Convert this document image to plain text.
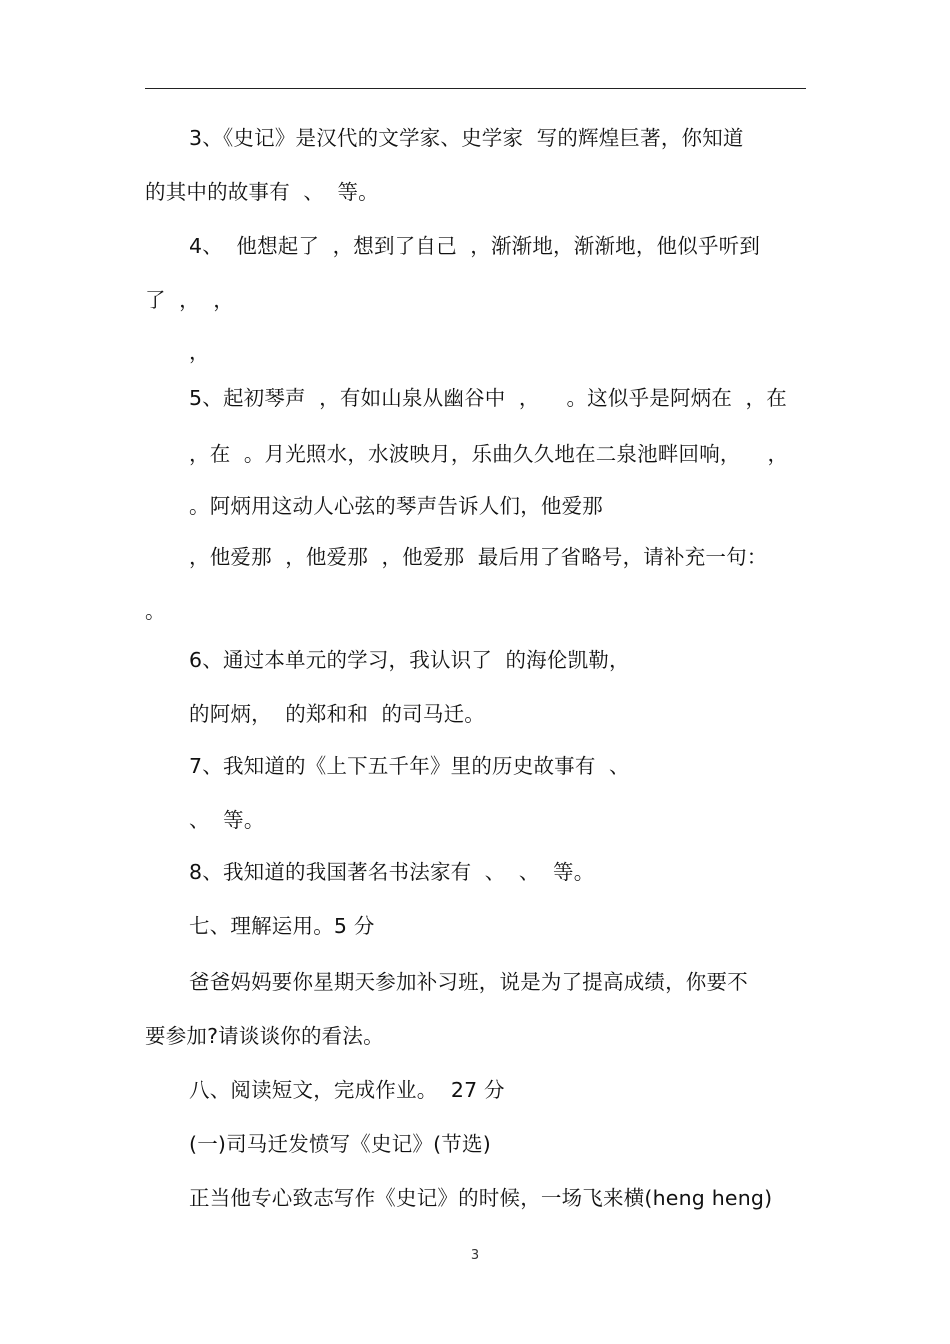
3、《史记》是汉代的文学家、史学家  写的辉煌巨著，你知道
的其中的故事有  、  等。
4、  他想起了  ，想到了自己  ，渐渐地，渐渐地，他似乎听到
了  ，  ，
，
5、起初琴声  ，有如山泉从幽谷中  ，    。这似乎是阿炳在  ，在
，在  。月光照水，水波映月，乐曲久久地在二泉池畔回响，    ，
。阿炳用这动人心弦的琴声告诉人们，他爱那
，他爱那  ，他爱那  ，他爱那  最后用了省略号，请补充一句：
。
6、通过本单元的学习，我认识了  的海伦凯勒，
的阿炳，  的郑和和  的司马迁。
7、我知道的《上下五千年》里的历史故事有  、
、  等。
8、我知道的我国著名书法家有  、  、  等。
七、理解运用。5 分
爸爸妈妈要你星期天参加补习班，说是为了提高成绩，你要不
要参加?请谈谈你的看法。
八、阅读短文，完成作业。  27 分
(一)司马迁发愤写《史记》(节选)
正当他专心致志写作《史记》的时候，一场飞来横(heng heng)
3
